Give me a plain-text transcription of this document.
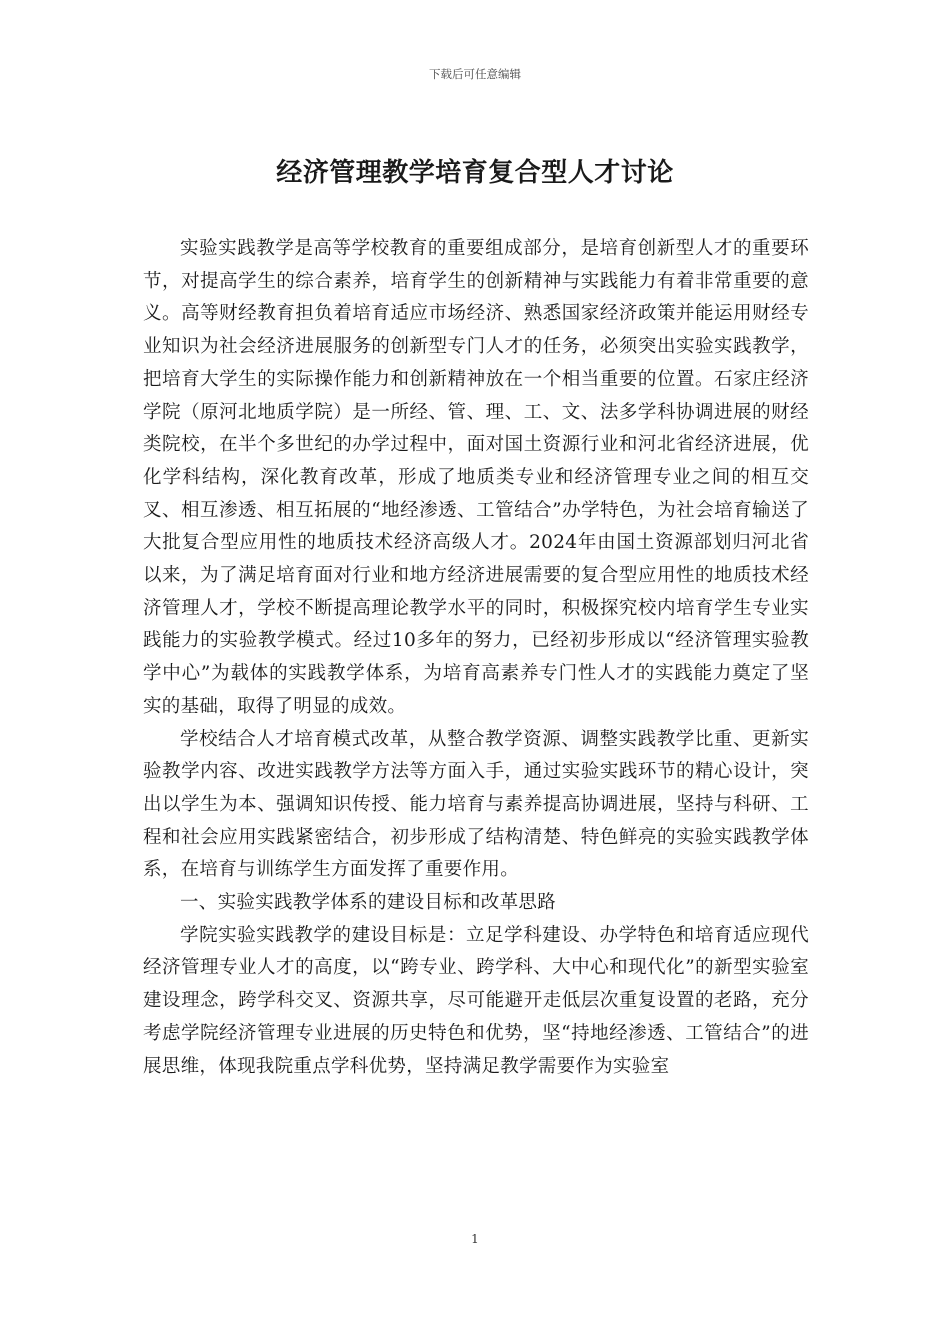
下载后可任意编辑
经济管理教学培育复合型人才讨论

实验实践教学是高等学校教育的重要组成部分，是培育创新型人才的重要环节，对提高学生的综合素养，培育学生的创新精神与实践能力有着非常重要的意义。高等财经教育担负着培育适应市场经济、熟悉国家经济政策并能运用财经专业知识为社会经济进展服务的创新型专门人才的任务，必须突出实验实践教学，把培育大学生的实际操作能力和创新精神放在一个相当重要的位置。石家庄经济学院（原河北地质学院）是一所经、管、理、工、文、法多学科协调进展的财经类院校，在半个多世纪的办学过程中，面对国土资源行业和河北省经济进展，优化学科结构，深化教育改革，形成了地质类专业和经济管理专业之间的相互交叉、相互渗透、相互拓展的“地经渗透、工管结合”办学特色，为社会培育输送了大批复合型应用性的地质技术经济高级人才。2024年由国土资源部划归河北省以来，为了满足培育面对行业和地方经济进展需要的复合型应用性的地质技术经济管理人才，学校不断提高理论教学水平的同时，积极探究校内培育学生专业实践能力的实验教学模式。经过10多年的努力，已经初步形成以“经济管理实验教学中心”为载体的实践教学体系，为培育高素养专门性人才的实践能力奠定了坚实的基础，取得了明显的成效。

学校结合人才培育模式改革，从整合教学资源、调整实践教学比重、更新实验教学内容、改进实践教学方法等方面入手，通过实验实践环节的精心设计，突出以学生为本、强调知识传授、能力培育与素养提高协调进展，坚持与科研、工程和社会应用实践紧密结合，初步形成了结构清楚、特色鲜亮的实验实践教学体系，在培育与训练学生方面发挥了重要作用。

一、实验实践教学体系的建设目标和改革思路

学院实验实践教学的建设目标是：立足学科建设、办学特色和培育适应现代经济管理专业人才的高度，以“跨专业、跨学科、大中心和现代化”的新型实验室建设理念，跨学科交叉、资源共享，尽可能避开走低层次重复设置的老路，充分考虑学院经济管理专业进展的历史特色和优势，坚“持地经渗透、工管结合”的进展思维，体现我院重点学科优势，坚持满足教学需要作为实验室

1
